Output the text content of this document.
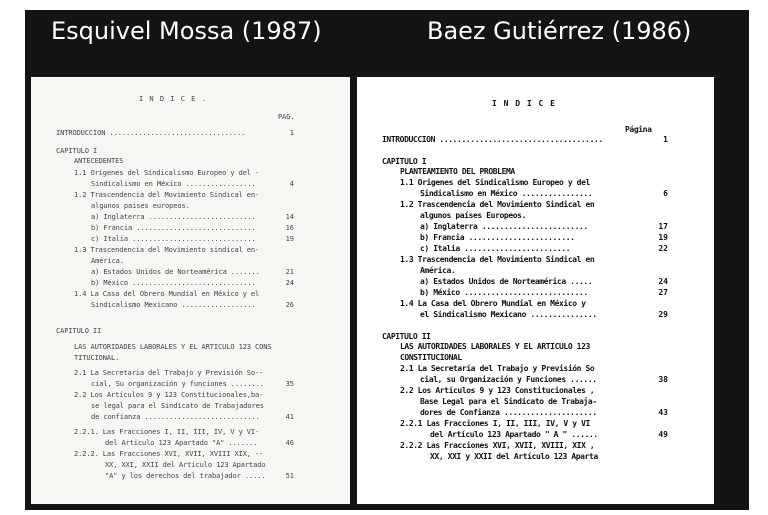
Esquivel Mossa (1987)	Baez Gutiérrez (1986)
I N D I C E .
PAG.
INTRODUCCION .................................	1
CAPITULO I
ANTECEDENTES
1.1 Origenes del Sindicalismo Europeo y del -
Sindicalismo en México .................	4
1.2 Trascendencia del Movimiento Sindical en-
algunos paises europeos.
a) Inglaterra ..........................	14
b) Francia .............................	16
c) Italia ..............................	19
1.3 Trascendencia del Movimiento sindical en-
América.
a) Estados Unidos de Norteamérica .......	21
b) México ..............................	24
1.4 La Casa del Obrero Mundial en México y el
Sindicalismo Mexicano ..................	26
CAPITULO II
LAS AUTORIDADES LABORALES Y EL ARTICULO 123 CONS
TITUCIONAL.
2.1 La Secretaria del Trabajo y Previsión So--
cial, Su organización y funciones ........	35
2.2 Los Artículos 9 y 123 Constitucionales,ba-
se legal para el Sindicato de Trabajadores
de confianza ............................	41
2.2.1. Las Fracciones I, II, III, IV, V y VI-
del Articulo 123 Apartado "A" .......	46
2.2.2. Las Fracciones XVI, XVII, XVIII XIX, --
XX, XXI, XXII del Articulo 123 Apartado
"A" y los derechos del trabajador .....	51
I N D I C E
Página
INTRODUCCION .....................................	1
CAPITULO I
PLANTEAMIENTO DEL PROBLEMA
1.1 Origenes del Sindicalismo Europeo y del
Sindicalismo en México ................	6
1.2 Trascendencia del Movimiento Sindical en
algunos países Europeos.
a) Inglaterra ........................	17
b) Francia ........................	19
c) Italia ........................	22
1.3 Trascendencia del Movimiento Sindical en
América.
a) Estados Unidos de Norteamérica .....	24
b) México ............................	27
1.4 La Casa del Obrero Mundial en México y
el Sindicalismo Mexicano ...............	29
CAPITULO II
LAS AUTORIDADES LABORALES Y EL ARTICULO 123
CONSTITUCIONAL
2.1 La Secretaría del Trabajo y Previsión So
cial, su Organización y Funciones ......	38
2.2 Los Artículos 9 y 123 Constitucionales ,
Base Legal para el Sindicato de Trabaja-
dores de Confianza .....................	43
2.2.1 Las Fracciones I, II, III, IV, V y VI
del Artículo 123 Apartado " A " ......	49
2.2.2 Las Fracciones XVI, XVII, XVIII, XIX ,
XX, XXI y XXII del Artículo 123 Aparta
